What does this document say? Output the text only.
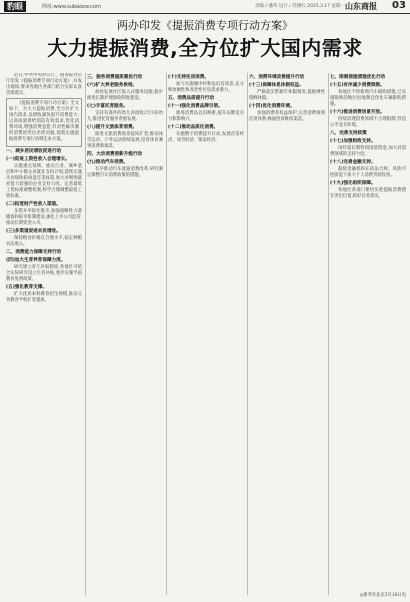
豹眼	网址:www.subaoxw.com	责编 / 潘华 设计 / 苏捷红 2025.3.17 星期一 山东商报 03
两办印发《提振消费专项行动方案》
大力提振消费,全方位扩大国内需求

近日,中共中央办公厅、国务院办公厅印发《提振消费专项行动方案》,并发出通知,要求各地区各部门结合实际认真贯彻落实。

《提振消费专项行动方案》全文如下。为大力提振消费,全方位扩大国内需求,以增收减负提升消费能力,以高质量供给创造有效需求,优化消费环境,增强消费意愿,针对性解决制约消费的突出矛盾问题,现就实施提振消费专项行动制定本方案。

一、城乡居民增收促进行动
(一)促进工资性收入合理增长。

实施重点领域、重点行业、城乡基层和中小微企业就业支持计划,延续实施失业保险稳岗返还等政策,加大对吸纳就业能力较强的企业支持力度。完善最低工资标准调整机制,科学合理调整最低工资标准。

(二)拓宽财产性收入渠道。

多措并举稳住股市,加强战略性力量储备和稳市机制建设,强化上市公司监管,推动长期资金入市。

(三)多渠道促进农民增收。

保持粮食价格在合理水平,稳定种粮农民收入。

二、消费能力保障支持行动
(四)加大生育养育保障力度。

研究建立育儿补贴制度,各地区可结合实际研究设立生育补贴,逐步实施学前教育免费政策。

(五)强化教育支撑。

扩大优质本科教育招生规模,推动义务教育学校扩容提质。

三、服务消费提质惠民行动
(六)扩大养老服务供给。

加快发展社区嵌入式服务设施,稳步推进长期护理保险制度建设。

(七)丰富托育服务。

支持有条件的幼儿园招收2至3岁幼儿,推进托育服务普惠发展。

(八)提升文旅体育消费。

推进文旅消费场景提质扩容,推动冰雪运动、户外运动持续发展,培育体育赛事消费新场景。

四、大宗消费更新升级行动
(九)推动汽车消费。

有序推动汽车流通消费改革,研究制定调整汽车消费政策的措施。

(十)支持住房消费。

加力实施城中村和危旧房改造,充分释放刚性和改善性住房需求潜力。

五、消费品质提升行动
(十一)强化消费品牌引领。

推进消费品以旧换新,提升品牌竞争力和影响力。

(十二)推动品质化消费。

实施数字消费提升行动,发展首发经济、冰雪经济、银发经济。

六、消费环境改善提升行动
(十三)保障休息休假权益。

严格落实带薪年休假制度,鼓励弹性错峰休假。

(十四)优化消费环境。

加强消费者权益保护,完善消费领域信用体系,畅通投诉维权渠道。

七、限制措施清理优化行动
(十五)有序减少消费限制。

各地区不得新增汽车限购措施,已实施限购的地区因地制宜优化车辆限购措施。

(十六)推进消费场景开放。

持续清理消费领域不合理限制,营造公平竞争环境。

八、完善支持政策
(十七)加强财政支持。

用好超长期特别国债资金,加大对消费领域的支持力度。

(十八)完善金融支持。

鼓励金融机构在依法合规、风险可控前提下加大个人消费贷款投放。

(十九)强化组织保障。

各地区各部门要切实把提振消费摆在突出位置,抓好任务落实。

◎新华社北京3月16日电
